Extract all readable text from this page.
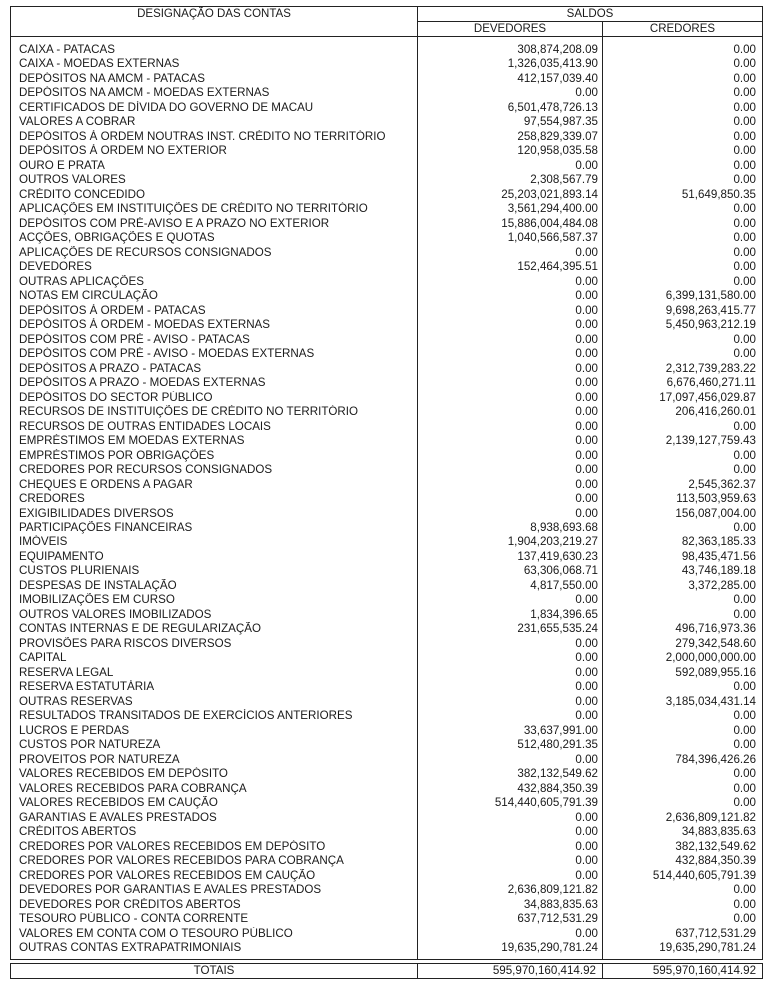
DESIGNAÇÃO DAS CONTAS	SALDOS	
	DEVEDORES	CREDORES

CAIXA - PATACAS	308,874,208.09	0.00
CAIXA - MOEDAS EXTERNAS	1,326,035,413.90	0.00
DEPÓSITOS NA AMCM - PATACAS	412,157,039.40	0.00
DEPÓSITOS NA AMCM - MOEDAS EXTERNAS	0.00	0.00
CERTIFICADOS DE DÍVIDA DO GOVERNO DE MACAU	6,501,478,726.13	0.00
VALORES A COBRAR	97,554,987.35	0.00
DEPÓSITOS À ORDEM NOUTRAS INST. CRÉDITO NO TERRITÓRIO	258,829,339.07	0.00
DEPÓSITOS À ORDEM NO EXTERIOR	120,958,035.58	0.00
OURO E PRATA	0.00	0.00
OUTROS VALORES	2,308,567.79	0.00
CRÉDITO CONCEDIDO	25,203,021,893.14	51,649,850.35
APLICAÇÕES EM INSTITUIÇÕES DE CRÉDITO NO TERRITÓRIO	3,561,294,400.00	0.00
DEPÓSITOS COM PRÉ-AVISO E A PRAZO NO EXTERIOR	15,886,004,484.08	0.00
ACÇÕES, OBRIGAÇÕES E QUOTAS	1,040,566,587.37	0.00
APLICAÇÕES DE RECURSOS CONSIGNADOS	0.00	0.00
DEVEDORES	152,464,395.51	0.00
OUTRAS APLICAÇÕES	0.00	0.00
NOTAS EM CIRCULAÇÃO	0.00	6,399,131,580.00
DEPÓSITOS À ORDEM - PATACAS	0.00	9,698,263,415.77
DEPÓSITOS À ORDEM - MOEDAS EXTERNAS	0.00	5,450,963,212.19
DEPÓSITOS COM PRÉ - AVISO - PATACAS	0.00	0.00
DEPÓSITOS COM PRÉ - AVISO - MOEDAS EXTERNAS	0.00	0.00
DEPÓSITOS A PRAZO - PATACAS	0.00	2,312,739,283.22
DEPÓSITOS A PRAZO - MOEDAS EXTERNAS	0.00	6,676,460,271.11
DEPÓSITOS DO SECTOR PÚBLICO	0.00	17,097,456,029.87
RECURSOS DE INSTITUIÇÕES DE CRÉDITO NO TERRITÓRIO	0.00	206,416,260.01
RECURSOS DE OUTRAS ENTIDADES LOCAIS	0.00	0.00
EMPRÉSTIMOS EM MOEDAS EXTERNAS	0.00	2,139,127,759.43
EMPRÉSTIMOS POR OBRIGAÇÕES	0.00	0.00
CREDORES POR RECURSOS CONSIGNADOS	0.00	0.00
CHEQUES E ORDENS A PAGAR	0.00	2,545,362.37
CREDORES	0.00	113,503,959.63
EXIGIBILIDADES DIVERSOS	0.00	156,087,004.00
PARTICIPAÇÕES FINANCEIRAS	8,938,693.68	0.00
IMÓVEIS	1,904,203,219.27	82,363,185.33
EQUIPAMENTO	137,419,630.23	98,435,471.56
CUSTOS PLURIENAIS	63,306,068.71	43,746,189.18
DESPESAS DE INSTALAÇÃO	4,817,550.00	3,372,285.00
IMOBILIZAÇÕES EM CURSO	0.00	0.00
OUTROS VALORES IMOBILIZADOS	1,834,396.65	0.00
CONTAS INTERNAS E DE REGULARIZAÇÃO	231,655,535.24	496,716,973.36
PROVISÕES PARA RISCOS DIVERSOS	0.00	279,342,548.60
CAPITAL	0.00	2,000,000,000.00
RESERVA LEGAL	0.00	592,089,955.16
RESERVA ESTATUTÁRIA	0.00	0.00
OUTRAS RESERVAS	0.00	3,185,034,431.14
RESULTADOS TRANSITADOS DE EXERCÍCIOS ANTERIORES	0.00	0.00
LUCROS E PERDAS	33,637,991.00	0.00
CUSTOS POR NATUREZA	512,480,291.35	0.00
PROVEITOS POR NATUREZA	0.00	784,396,426.26
VALORES RECEBIDOS EM DEPÓSITO	382,132,549.62	0.00
VALORES RECEBIDOS PARA COBRANÇA	432,884,350.39	0.00
VALORES RECEBIDOS EM CAUÇÃO	514,440,605,791.39	0.00
GARANTIAS E AVALES PRESTADOS	0.00	2,636,809,121.82
CRÉDITOS ABERTOS	0.00	34,883,835.63
CREDORES POR VALORES RECEBIDOS EM DEPÓSITO	0.00	382,132,549.62
CREDORES POR VALORES RECEBIDOS PARA COBRANÇA	0.00	432,884,350.39
CREDORES POR VALORES RECEBIDOS EM CAUÇÃO	0.00	514,440,605,791.39
DEVEDORES POR GARANTIAS E AVALES PRESTADOS	2,636,809,121.82	0.00
DEVEDORES POR CRÉDITOS ABERTOS	34,883,835.63	0.00
TESOURO PÚBLICO - CONTA CORRENTE	637,712,531.29	0.00
VALORES EM CONTA COM O TESOURO PÚBLICO	0.00	637,712,531.29
OUTRAS CONTAS EXTRAPATRIMONIAIS	19,635,290,781.24	19,635,290,781.24

TOTAIS	595,970,160,414.92	595,970,160,414.92
